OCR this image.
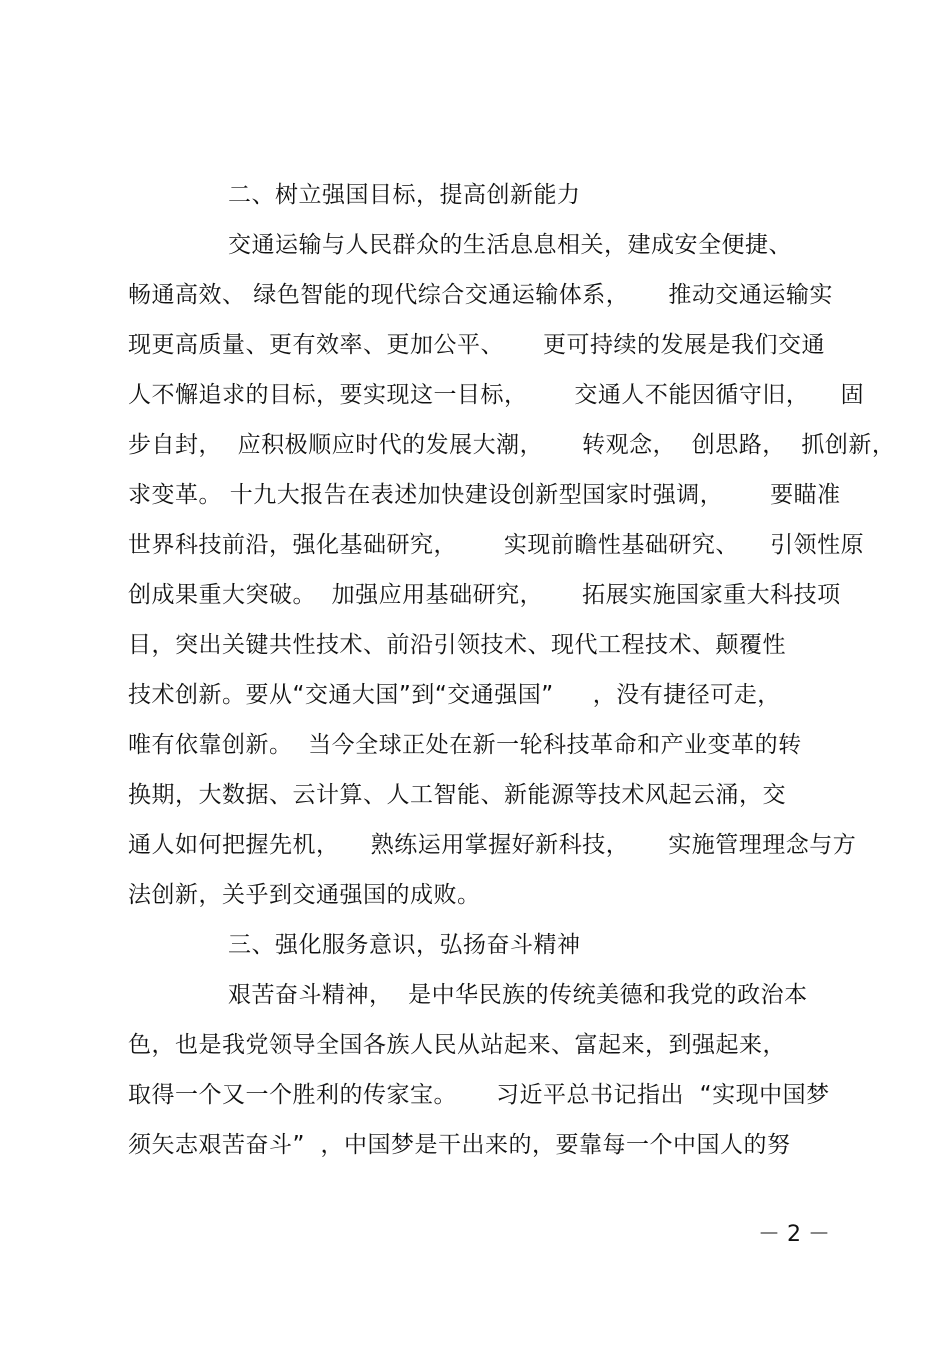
二、树立强国目标，提高创新能力
交通运输与人民群众的生活息息相关，建成安全便捷、
畅通高效、 绿色智能的现代综合交通运输体系，     推动交通运输实
现更高质量、更有效率、更加公平、     更可持续的发展是我们交通
人不懈追求的目标，要实现这一目标，      交通人不能因循守旧，    固
步自封，  应积极顺应时代的发展大潮，     转观念，  创思路，  抓创新，
求变革。 十九大报告在表述加快建设创新型国家时强调，      要瞄准
世界科技前沿，强化基础研究，      实现前瞻性基础研究、    引领性原
创成果重大突破。  加强应用基础研究，     拓展实施国家重大科技项
目，突出关键共性技术、前沿引领技术、现代工程技术、颠覆性
技术创新。要从“交通大国”到“交通强国”     ，没有捷径可走，
唯有依靠创新。  当今全球正处在新一轮科技革命和产业变革的转
换期，大数据、云计算、人工智能、新能源等技术风起云涌，交
通人如何把握先机，    熟练运用掌握好新科技，     实施管理理念与方
法创新，关乎到交通强国的成败。
三、强化服务意识，弘扬奋斗精神
艰苦奋斗精神，  是中华民族的传统美德和我党的政治本
色，也是我党领导全国各族人民从站起来、富起来，到强起来，
取得一个又一个胜利的传家宝。     习近平总书记指出  “实现中国梦
须矢志艰苦奋斗”  ，中国梦是干出来的，要靠每一个中国人的努
－ 2 －
